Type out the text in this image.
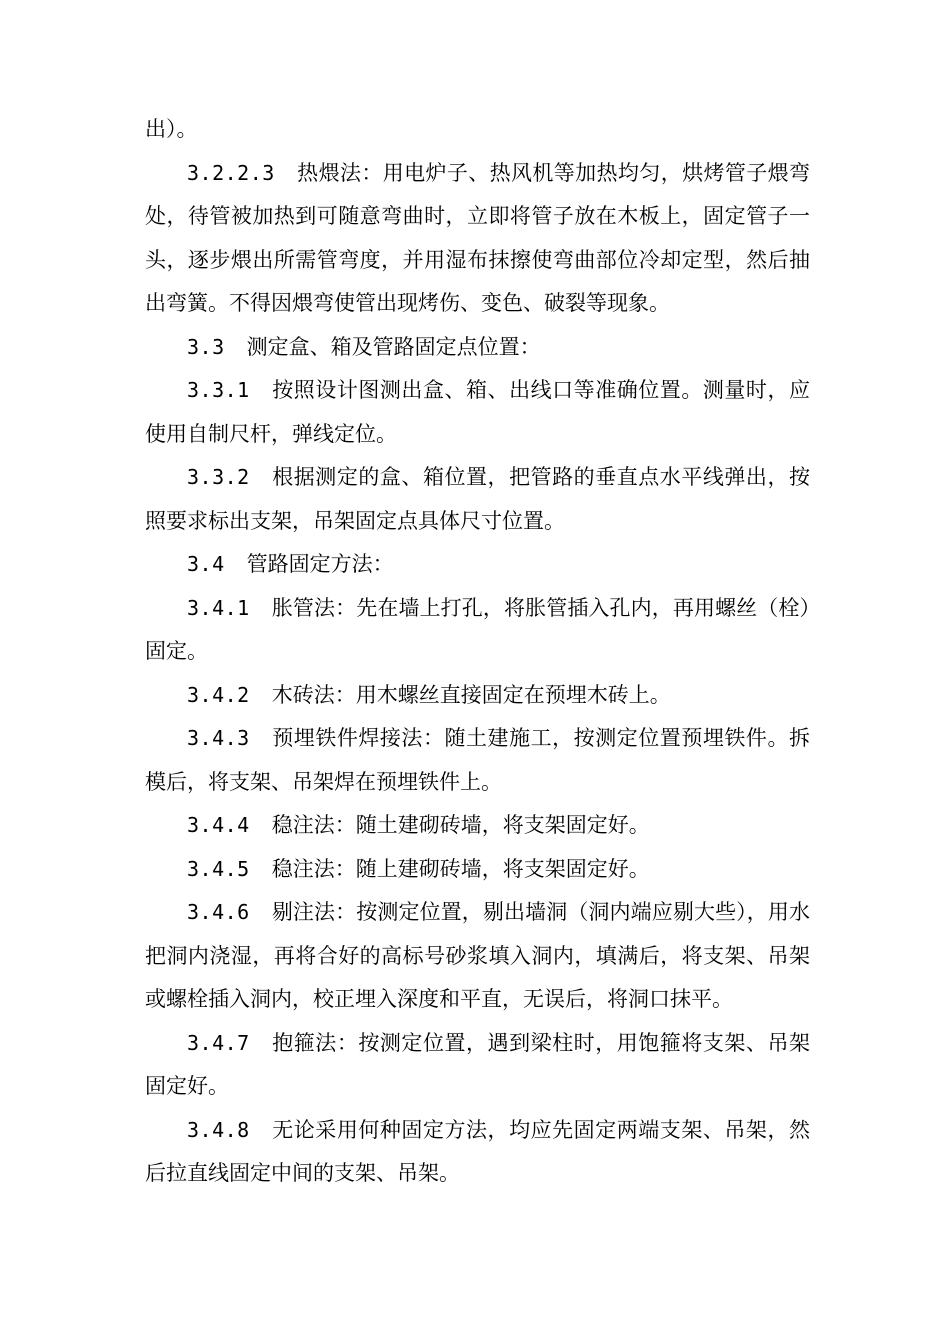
出）。

3.2.2.3 热煨法：用电炉子、热风机等加热均匀，烘烤管子煨弯处，待管被加热到可随意弯曲时，立即将管子放在木板上，固定管子一头，逐步煨出所需管弯度，并用湿布抹擦使弯曲部位冷却定型，然后抽出弯簧。不得因煨弯使管出现烤伤、变色、破裂等现象。

3.3 测定盒、箱及管路固定点位置：

3.3.1 按照设计图测出盒、箱、出线口等准确位置。测量时，应使用自制尺杆，弹线定位。

3.3.2 根据测定的盒、箱位置，把管路的垂直点水平线弹出，按照要求标出支架，吊架固定点具体尺寸位置。

3.4 管路固定方法：

3.4.1 胀管法：先在墙上打孔，将胀管插入孔内，再用螺丝（栓）固定。

3.4.2 木砖法：用木螺丝直接固定在预埋木砖上。

3.4.3 预埋铁件焊接法：随土建施工，按测定位置预埋铁件。拆模后，将支架、吊架焊在预埋铁件上。

3.4.4 稳注法：随土建砌砖墙，将支架固定好。

3.4.5 稳注法：随上建砌砖墙，将支架固定好。

3.4.6 剔注法：按测定位置，剔出墙洞（洞内端应剔大些），用水把洞内浇湿，再将合好的高标号砂浆填入洞内，填满后，将支架、吊架或螺栓插入洞内，校正埋入深度和平直，无误后，将洞口抹平。

3.4.7 抱箍法：按测定位置，遇到梁柱时，用饱箍将支架、吊架固定好。

3.4.8 无论采用何种固定方法，均应先固定两端支架、吊架，然后拉直线固定中间的支架、吊架。
